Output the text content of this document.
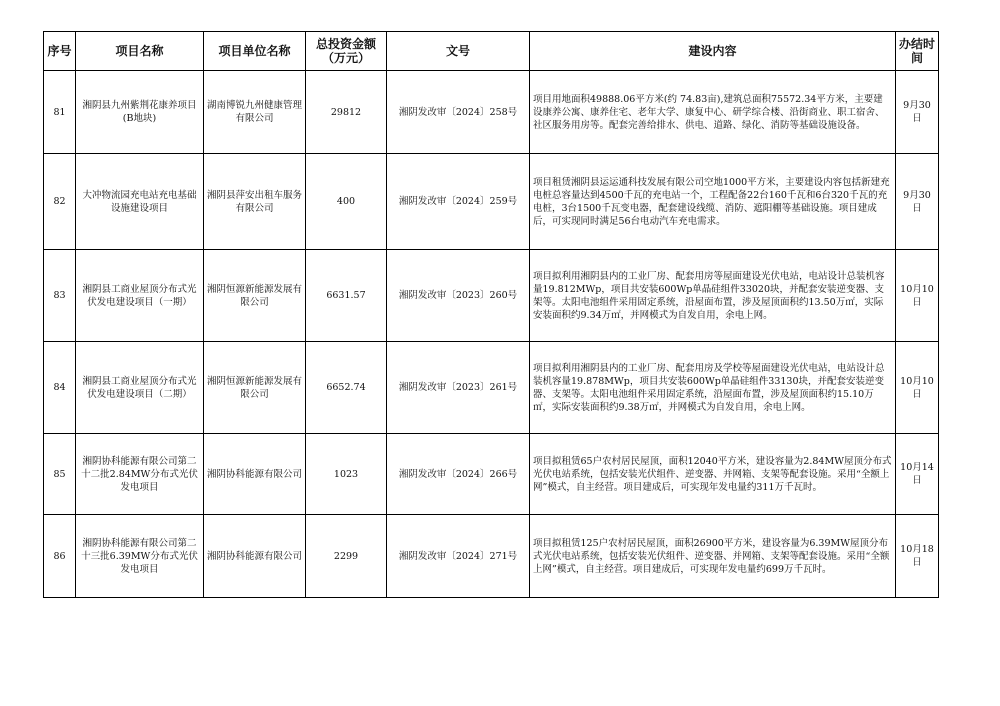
序号	项目名称	项目单位名称	总投资金额（万元）	文号	建设内容	办结时间
81	湘阴县九州紫荆花康养项目(B地块)	湖南博锐九州健康管理有限公司	29812	湘阴发改审〔2024〕258号	项目用地面积49888.06平方米(约 74.83亩),建筑总面积75572.34平方米，主要建设康养公寓、康养住宅、老年大学、康复中心、研学综合楼、沿街商业、职工宿舍、社区服务用房等。配套完善给排水、供电、道路、绿化、消防等基础设施设备。	9月30日
82	大冲物流园充电站充电基础设施建设项目	湘阴县萍安出租车服务有限公司	400	湘阴发改审〔2024〕259号	项目租赁湘阴县运运通科技发展有限公司空地1000平方米，主要建设内容包括新建充电桩总容量达到4500千瓦的充电站一个，工程配备22台160千瓦和6台320千瓦的充电桩，3台1500千瓦变电器，配套建设线缆、消防、遮阳棚等基础设施。项目建成后，可实现同时满足56台电动汽车充电需求。	9月30日
83	湘阴县工商业屋顶分布式光伏发电建设项目（一期）	湘阴恒源新能源发展有限公司	6631.57	湘阴发改审〔2023〕260号	项目拟利用湘阴县内的工业厂房、配套用房等屋面建设光伏电站，电站设计总装机容量19.812MWp，项目共安装600Wp单晶硅组件33020块，并配套安装逆变器、支架等。太阳电池组件采用固定系统，沿屋面布置，涉及屋顶面积约13.50万㎡，实际安装面积约9.34万㎡，并网模式为自发自用，余电上网。	10月10日
84	湘阴县工商业屋顶分布式光伏发电建设项目（二期）	湘阴恒源新能源发展有限公司	6652.74	湘阴发改审〔2023〕261号	项目拟利用湘阴县内的工业厂房、配套用房及学校等屋面建设光伏电站，电站设计总装机容量19.878MWp，项目共安装600Wp单晶硅组件33130块，并配套安装逆变器、支架等。太阳电池组件采用固定系统，沿屋面布置，涉及屋顶面积约15.10万㎡，实际安装面积约9.38万㎡，并网模式为自发自用，余电上网。	10月10日
85	湘阴协科能源有限公司第二十二批2.84MW分布式光伏发电项目	湘阴协科能源有限公司	1023	湘阴发改审〔2024〕266号	项目拟租赁65户农村居民屋顶，面积12040平方米，建设容量为2.84MW屋顶分布式光伏电站系统，包括安装光伏组件、逆变器、并网箱、支架等配套设施。采用“全额上网”模式，自主经营。项目建成后，可实现年发电量约311万千瓦时。	10月14日
86	湘阴协科能源有限公司第二十三批6.39MW分布式光伏发电项目	湘阴协科能源有限公司	2299	湘阴发改审〔2024〕271号	项目拟租赁125户农村居民屋顶，面积26900平方米，建设容量为6.39MW屋顶分布式光伏电站系统，包括安装光伏组件、逆变器、并网箱、支架等配套设施。采用“全额上网”模式，自主经营。项目建成后，可实现年发电量约699万千瓦时。	10月18日
